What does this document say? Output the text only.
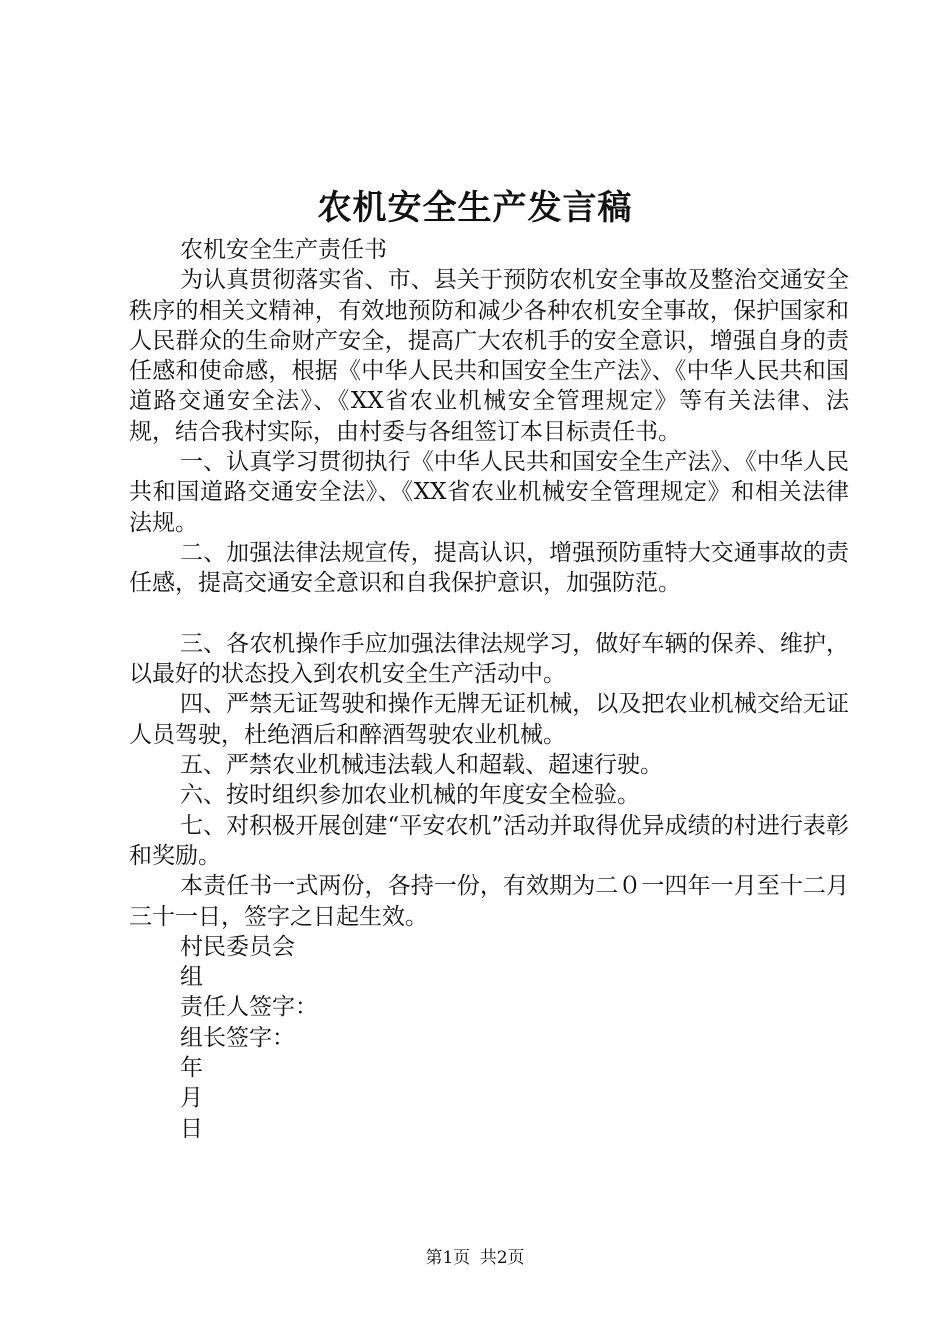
农机安全生产发言稿

农机安全生产责任书

为认真贯彻落实省、市、县关于预防农机安全事故及整治交通安全秩序的相关文精神，有效地预防和减少各种农机安全事故，保护国家和人民群众的生命财产安全，提高广大农机手的安全意识，增强自身的责任感和使命感，根据《中华人民共和国安全生产法》、《中华人民共和国道路交通安全法》、《XX省农业机械安全管理规定》等有关法律、法规，结合我村实际，由村委与各组签订本目标责任书。

一、认真学习贯彻执行《中华人民共和国安全生产法》、《中华人民共和国道路交通安全法》、《XX省农业机械安全管理规定》和相关法律法规。

二、加强法律法规宣传，提高认识，增强预防重特大交通事故的责任感，提高交通安全意识和自我保护意识，加强防范。

三、各农机操作手应加强法律法规学习，做好车辆的保养、维护，以最好的状态投入到农机安全生产活动中。

四、严禁无证驾驶和操作无牌无证机械，以及把农业机械交给无证人员驾驶，杜绝酒后和醉酒驾驶农业机械。

五、严禁农业机械违法载人和超载、超速行驶。

六、按时组织参加农业机械的年度安全检验。

七、对积极开展创建“平安农机”活动并取得优异成绩的村进行表彰和奖励。

本责任书一式两份，各持一份，有效期为二０一四年一月至十二月三十一日，签字之日起生效。

村民委员会

组

责任人签字：

组长签字：

年

月

日

第1页 共2页
